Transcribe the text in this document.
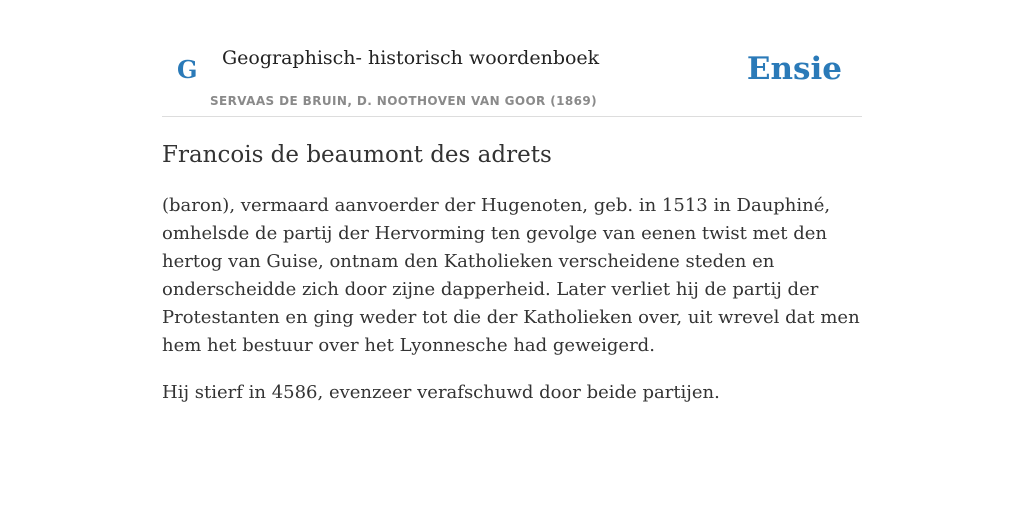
G Geographisch- historisch woordenboek
SERVAAS DE BRUIN, D. NOOTHOVEN VAN GOOR (1869)
Ensie
Francois de beaumont des adrets

(baron), vermaard aanvoerder der Hugenoten, geb. in 1513 in Dauphiné, omhelsde de partij der Hervorming ten gevolge van eenen twist met den hertog van Guise, ontnam den Katholieken verscheidene steden en onderscheidde zich door zijne dapperheid. Later verliet hij de partij der Protestanten en ging weder tot die der Katholieken over, uit wrevel dat men hem het bestuur over het Lyonnesche had geweigerd.

Hij stierf in 4586, evenzeer verafschuwd door beide partijen.
